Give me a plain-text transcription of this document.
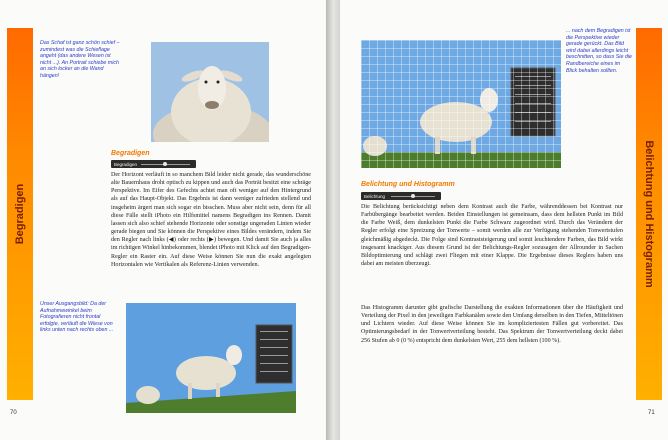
Begradigen
Das Schaf ist ganz schön schief – zumindest was die Schieflage angeht (das andere Wesen ist nicht ...). An Portrait schiebe mich an sich locker an die Wand hängen!
Begradigen
Begradigen

Der Horizont verläuft in so manchem Bild leider nicht gerade, das wunderschöne alte Bauernhaus droht optisch zu kippen und auch das Porträt besitzt eine schräge Perspektive. Im Eifer des Gefechts achtet man oft weniger auf den Hintergrund als auf das Haupt-Objekt. Das Ergebnis ist dann weniger zufrieden stellend und insgeheim ärgert man sich sogar ein bisschen. Muss aber nicht sein, denn für all diese Fälle stellt iPhoto ein Hilfsmittel namens Begradigen ins Rennen. Damit lassen sich also schief stehende Horizonte oder sonstige ungeraden Linien wieder gerade biegen und Sie können die Perspektive eines Bildes verändern, indem Sie den Regler nach links (◀) oder rechts (▶) bewegen. Und damit Sie auch ja alles im richtigen Winkel hinbekommen, blendet iPhoto mit Klick auf den Begradigen-Regler ein Raster ein. Auf diese Weise können Sie nun die exakt angelegten Horizontalen wie Vertikalen als Referenz-Linien verwenden.

Unser Ausgangsbild: Da der Aufnahmewinkel beim Fotografieren nicht frontal erfolgte, verläuft die Wiese von links unten nach rechts oben ...
70
... nach dem Begradigen ist die Perspektive wieder gerade gerückt. Das Bild wird dabei allerdings leicht beschnitten, so dass Sie die Randbereiche eines im Blick behalten sollten.
Belichtung und Histogramm
Belichtung und Histogramm
Belichtung

Die Belichtung berücksichtigt neben dem Kontrast auch die Farbe, währenddessen bei Kontrast nur Farbübergänge bearbeitet werden. Beiden Einstellungen ist gemeinsam, dass dem hellsten Punkt im Bild die Farbe Weiß, dem dunkelsten Punkt die Farbe Schwarz zugeordnet wird. Durch das Verändern der Regler erfolgt eine Spreizung der Tonwerte – somit werden alle zur Verfügung stehenden Tonwertstufen gleichmäßig abgedeckt. Die Folge sind Kontraststeigerung und somit leuchtendere Farben, das Bild wirkt insgesamt knackiger. Aus diesem Grund ist der Belichtungs-Regler sozusagen der Allrounder in Sachen Bildoptimierung und schlägt zwei Fliegen mit einer Klappe. Die Ergebnisse dieses Reglers haben uns dabei am meisten überzeugt.

Das Histogramm darunter gibt grafische Darstellung die exakten Informationen über die Häufigkeit und Verteilung der Pixel in den jeweiligen Farbkanälen sowie den Umfang derselben in den Tiefen, Mitteltönen und Lichtern wieder. Auf diese Weise können Sie im kompliziertesten Fällen gut vorbereitet. Das Optimierungsbedarf in der Tonwertverteilung besteht. Das Spektrum der Tonwertverteilung deckt dabei 256 Stufen ab 0 (0 %) entspricht dem dunkelsten Wert, 255 dem hellsten (100 %).

71
